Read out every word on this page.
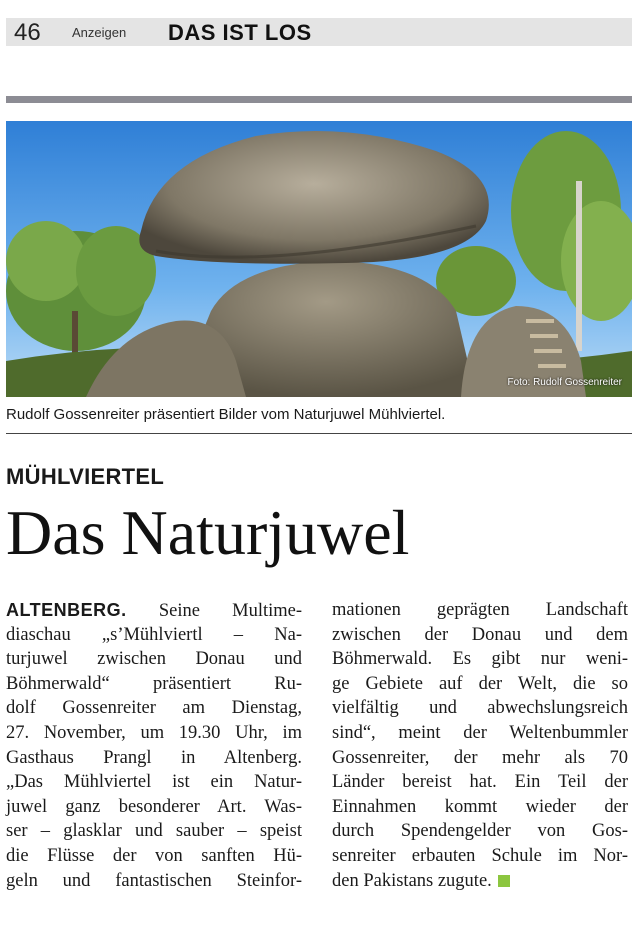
46 Anzeigen DAS IST LOS
Foto: Rudolf Gossenreiter
Rudolf Gossenreiter präsentiert Bilder vom Naturjuwel Mühlviertel.
MÜHLVIERTEL
Das Naturjuwel
ALTENBERG. Seine Multime-
diaschau „s’Mühlviertl – Na-
turjuwel zwischen Donau und
Böhmerwald“ präsentiert Ru-
dolf Gossenreiter am Dienstag,
27. November, um 19.30 Uhr, im
Gasthaus Prangl in Altenberg.
„Das Mühlviertel ist ein Natur-
juwel ganz besonderer Art. Was-
ser – glasklar und sauber – speist
die Flüsse der von sanften Hü-
geln und fantastischen Steinfor-
mationen geprägten Landschaft
zwischen der Donau und dem
Böhmerwald. Es gibt nur weni-
ge Gebiete auf der Welt, die so
vielfältig und abwechslungsreich
sind“, meint der Weltenbummler
Gossenreiter, der mehr als 70
Länder bereist hat. Ein Teil der
Einnahmen kommt wieder der
durch Spendengelder von Gos-
senreiter erbauten Schule im Nor-
den Pakistans zugute.
